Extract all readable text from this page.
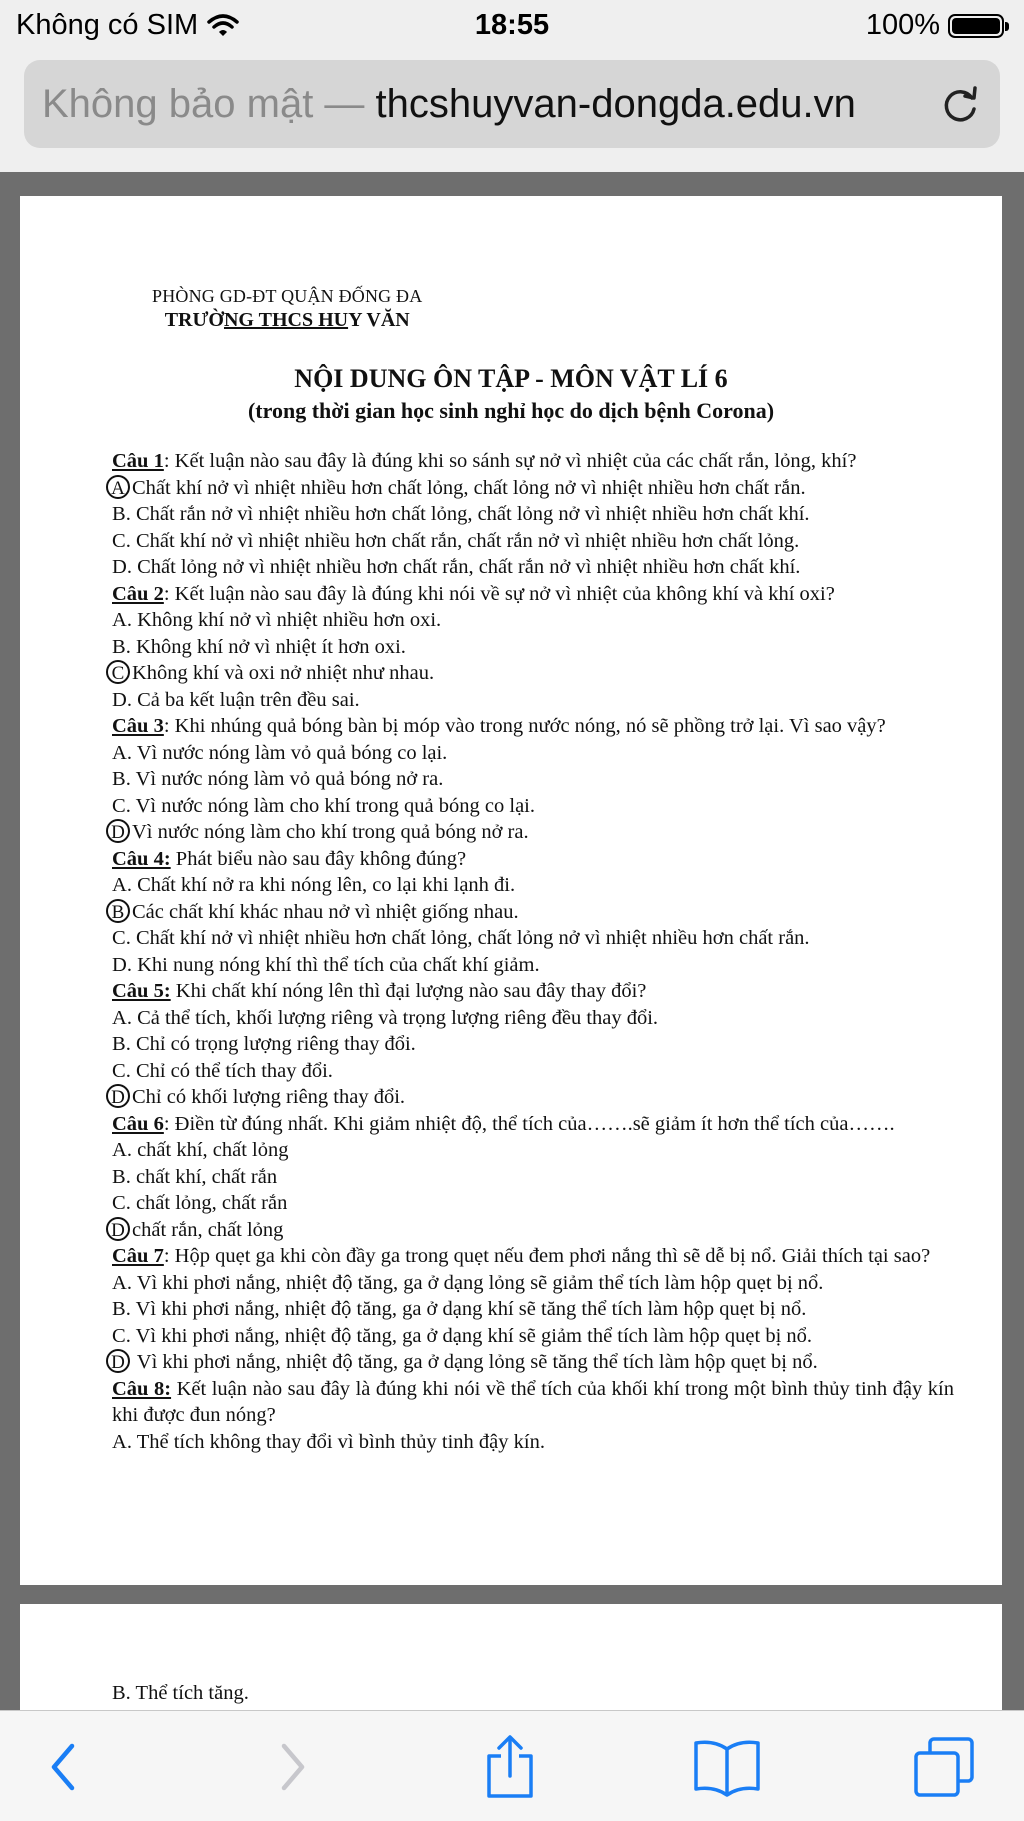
Không có SIM	18:55	100%
Không bảo mật — thcshuyvan-dongda.edu.vn
PHÒNG GD-ĐT QUẬN ĐỐNG ĐA
TRƯỜNG THCS HUY VĂN
NỘI DUNG ÔN TẬP - MÔN VẬT LÍ 6
(trong thời gian học sinh nghỉ học do dịch bệnh Corona)
Câu 1: Kết luận nào sau đây là đúng khi so sánh sự nở vì nhiệt của các chất rắn, lỏng, khí?
A Chất khí nở vì nhiệt nhiều hơn chất lỏng, chất lỏng nở vì nhiệt nhiều hơn chất rắn.
B. Chất rắn nở vì nhiệt nhiều hơn chất lỏng, chất lỏng nở vì nhiệt nhiều hơn chất khí.
C. Chất khí nở vì nhiệt nhiều hơn chất rắn, chất rắn nở vì nhiệt nhiều hơn chất lỏng.
D. Chất lỏng nở vì nhiệt nhiều hơn chất rắn, chất rắn nở vì nhiệt nhiều hơn chất khí.
Câu 2: Kết luận nào sau đây là đúng khi nói về sự nở vì nhiệt của không khí và khí oxi?
A. Không khí nở vì nhiệt nhiều hơn oxi.
B. Không khí nở vì nhiệt ít hơn oxi.
C Không khí và oxi nở nhiệt như nhau.
D. Cả ba kết luận trên đều sai.
Câu 3: Khi nhúng quả bóng bàn bị móp vào trong nước nóng, nó sẽ phồng trở lại. Vì sao vậy?
A. Vì nước nóng làm vỏ quả bóng co lại.
B. Vì nước nóng làm vỏ quả bóng nở ra.
C. Vì nước nóng làm cho khí trong quả bóng co lại.
D Vì nước nóng làm cho khí trong quả bóng nở ra.
Câu 4: Phát biểu nào sau đây không đúng?
A. Chất khí nở ra khi nóng lên, co lại khi lạnh đi.
B Các chất khí khác nhau nở vì nhiệt giống nhau.
C. Chất khí nở vì nhiệt nhiều hơn chất lỏng, chất lỏng nở vì nhiệt nhiều hơn chất rắn.
D. Khi nung nóng khí thì thể tích của chất khí giảm.
Câu 5: Khi chất khí nóng lên thì đại lượng nào sau đây thay đổi?
A. Cả thể tích, khối lượng riêng và trọng lượng riêng đều thay đổi.
B. Chỉ có trọng lượng riêng thay đổi.
C. Chỉ có thể tích thay đổi.
D Chỉ có khối lượng riêng thay đổi.
Câu 6: Điền từ đúng nhất. Khi giảm nhiệt độ, thể tích của…….sẽ giảm ít hơn thể tích của…….
A. chất khí, chất lỏng
B. chất khí, chất rắn
C. chất lỏng, chất rắn
D chất rắn, chất lỏng
Câu 7: Hộp quẹt ga khi còn đầy ga trong quẹt nếu đem phơi nắng thì sẽ dễ bị nổ. Giải thích tại sao?
A. Vì khi phơi nắng, nhiệt độ tăng, ga ở dạng lỏng sẽ giảm thể tích làm hộp quẹt bị nổ.
B. Vì khi phơi nắng, nhiệt độ tăng, ga ở dạng khí sẽ tăng thể tích làm hộp quẹt bị nổ.
C. Vì khi phơi nắng, nhiệt độ tăng, ga ở dạng khí sẽ giảm thể tích làm hộp quẹt bị nổ.
D Vì khi phơi nắng, nhiệt độ tăng, ga ở dạng lỏng sẽ tăng thể tích làm hộp quẹt bị nổ.
Câu 8: Kết luận nào sau đây là đúng khi nói về thể tích của khối khí trong một bình thủy tinh đậy kín khi được đun nóng?
A. Thể tích không thay đổi vì bình thủy tinh đậy kín.
B. Thể tích tăng.
